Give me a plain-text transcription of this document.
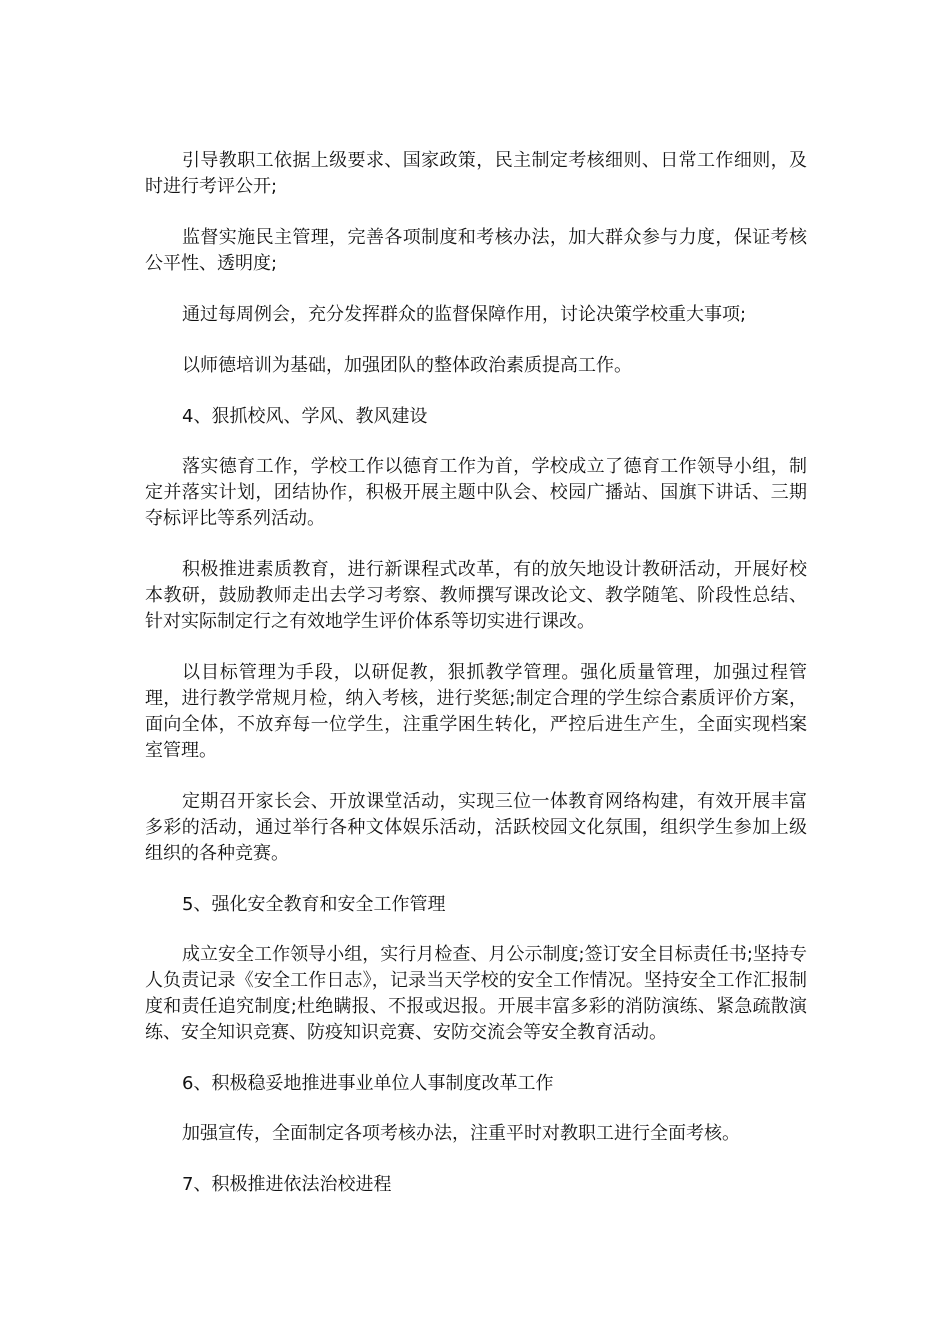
引导教职工依据上级要求、国家政策，民主制定考核细则、日常工作细则，及时进行考评公开;

监督实施民主管理，完善各项制度和考核办法，加大群众参与力度，保证考核公平性、透明度;

通过每周例会，充分发挥群众的监督保障作用，讨论决策学校重大事项;

以师德培训为基础，加强团队的整体政治素质提高工作。

4、狠抓校风、学风、教风建设

落实德育工作，学校工作以德育工作为首，学校成立了德育工作领导小组，制定并落实计划，团结协作，积极开展主题中队会、校园广播站、国旗下讲话、三期夺标评比等系列活动。

积极推进素质教育，进行新课程式改革，有的放矢地设计教研活动，开展好校本教研，鼓励教师走出去学习考察、教师撰写课改论文、教学随笔、阶段性总结、针对实际制定行之有效地学生评价体系等切实进行课改。

以目标管理为手段，以研促教，狠抓教学管理。强化质量管理，加强过程管理，进行教学常规月检，纳入考核，进行奖惩;制定合理的学生综合素质评价方案，面向全体，不放弃每一位学生，注重学困生转化，严控后进生产生，全面实现档案室管理。

定期召开家长会、开放课堂活动，实现三位一体教育网络构建，有效开展丰富多彩的活动，通过举行各种文体娱乐活动，活跃校园文化氛围，组织学生参加上级组织的各种竞赛。

5、强化安全教育和安全工作管理

成立安全工作领导小组，实行月检查、月公示制度;签订安全目标责任书;坚持专人负责记录《安全工作日志》，记录当天学校的安全工作情况。坚持安全工作汇报制度和责任追究制度;杜绝瞒报、不报或迟报。开展丰富多彩的消防演练、紧急疏散演练、安全知识竞赛、防疫知识竞赛、安防交流会等安全教育活动。

6、积极稳妥地推进事业单位人事制度改革工作

加强宣传，全面制定各项考核办法，注重平时对教职工进行全面考核。

7、积极推进依法治校进程
